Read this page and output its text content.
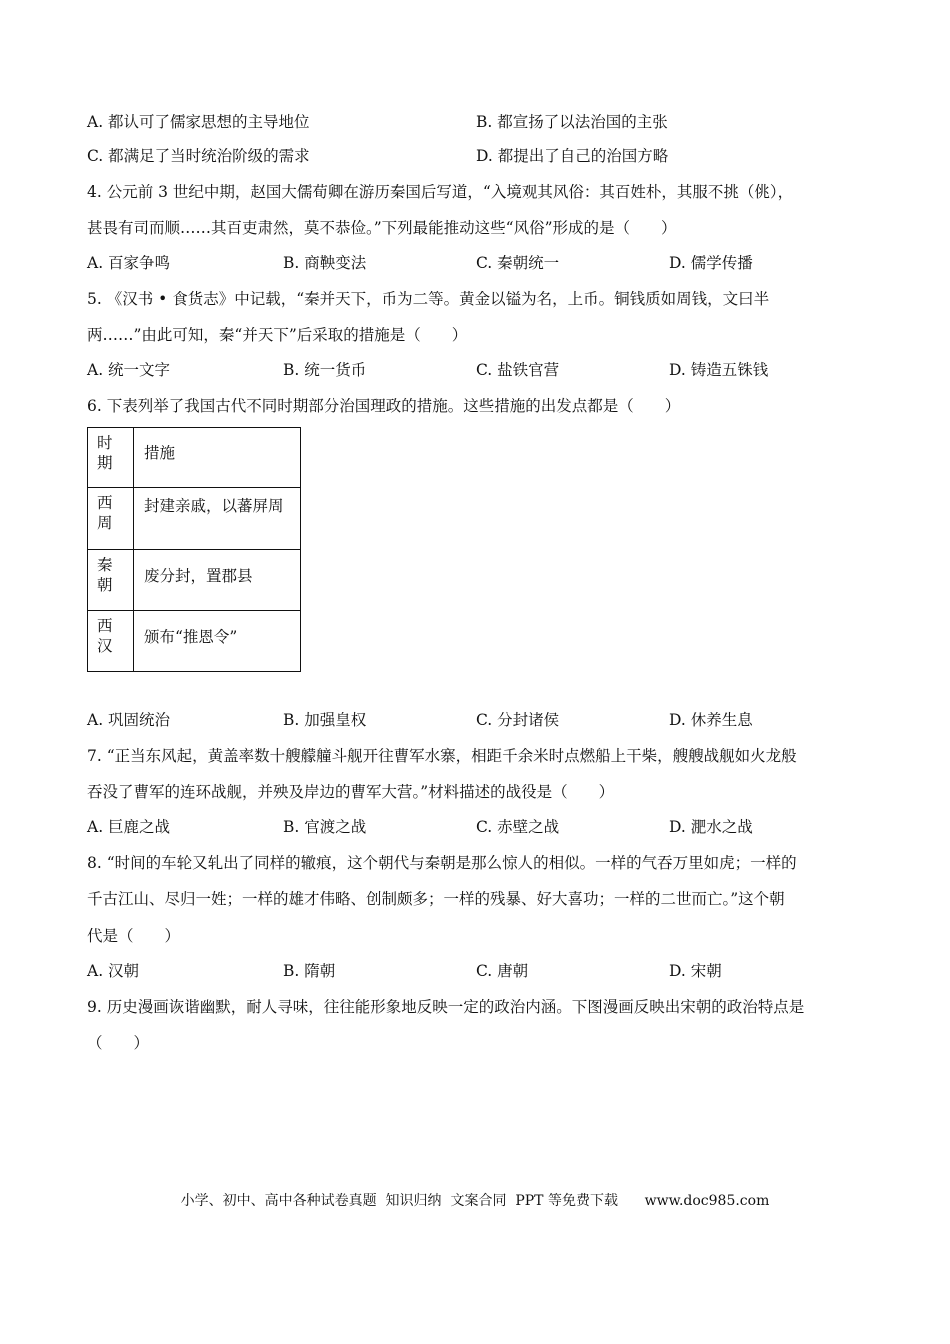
A. 都认可了儒家思想的主导地位	B. 都宣扬了以法治国的主张
C. 都满足了当时统治阶级的需求	D. 都提出了自己的治国方略
4. 公元前 3 世纪中期，赵国大儒荀卿在游历秦国后写道，“入境观其风俗：其百姓朴，其服不挑（佻），
甚畏有司而顺……其百吏肃然，莫不恭俭。”下列最能推动这些“风俗”形成的是（　　）
A. 百家争鸣	B. 商鞅变法	C. 秦朝统一	D. 儒学传播
5. 《汉书 • 食货志》中记载，“秦并天下，币为二等。黄金以镒为名，上币。铜钱质如周钱，文曰半
两……”由此可知，秦“并天下”后采取的措施是（　　）
A. 统一文字	B. 统一货币	C. 盐铁官营	D. 铸造五铢钱
6. 下表列举了我国古代不同时期部分治国理政的措施。这些措施的出发点都是（　　）
时期	措施
西周	封建亲戚，以蕃屏周
秦朝	废分封，置郡县
西汉	颁布“推恩令”
A. 巩固统治	B. 加强皇权	C. 分封诸侯	D. 休养生息
7. “正当东风起，黄盖率数十艘艨艟斗舰开往曹军水寨，相距千余米时点燃船上干柴，艘艘战舰如火龙般
吞没了曹军的连环战舰，并殃及岸边的曹军大营。”材料描述的战役是（　　）
A. 巨鹿之战	B. 官渡之战	C. 赤壁之战	D. 淝水之战
8. “时间的车轮又轧出了同样的辙痕，这个朝代与秦朝是那么惊人的相似。一样的气吞万里如虎；一样的
千古江山、尽归一姓；一样的雄才伟略、创制颇多；一样的残暴、好大喜功；一样的二世而亡。”这个朝
代是（　　）
A. 汉朝	B. 隋朝	C. 唐朝	D. 宋朝
9. 历史漫画诙谐幽默，耐人寻味，往往能形象地反映一定的政治内涵。下图漫画反映出宋朝的政治特点是
（　　）
小学、初中、高中各种试卷真题  知识归纳  文案合同  PPT 等免费下载      www.doc985.com
